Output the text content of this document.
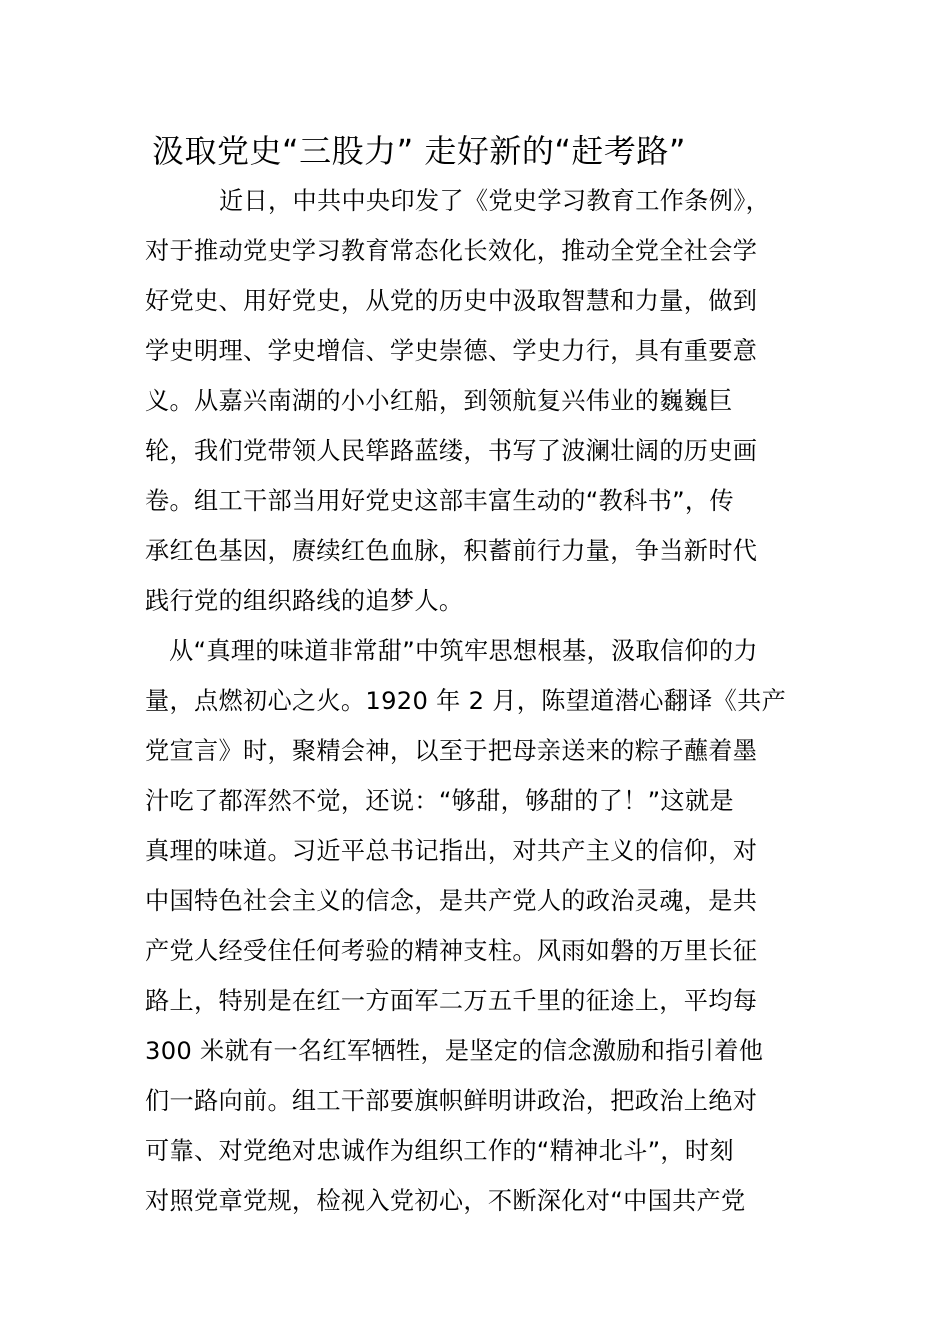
汲取党史“三股力” 走好新的“赶考路”
近日，中共中央印发了《党史学习教育工作条例》，
对于推动党史学习教育常态化长效化，推动全党全社会学
好党史、用好党史，从党的历史中汲取智慧和力量，做到
学史明理、学史增信、学史崇德、学史力行，具有重要意
义。从嘉兴南湖的小小红船，到领航复兴伟业的巍巍巨
轮，我们党带领人民筚路蓝缕，书写了波澜壮阔的历史画
卷。组工干部当用好党史这部丰富生动的“教科书”，传
承红色基因，赓续红色血脉，积蓄前行力量，争当新时代
践行党的组织路线的追梦人。
从“真理的味道非常甜”中筑牢思想根基，汲取信仰的力
量，点燃初心之火。1920 年 2 月，陈望道潜心翻译《共产
党宣言》时，聚精会神，以至于把母亲送来的粽子蘸着墨
汁吃了都浑然不觉，还说：“够甜，够甜的了！”这就是
真理的味道。习近平总书记指出，对共产主义的信仰，对
中国特色社会主义的信念，是共产党人的政治灵魂，是共
产党人经受住任何考验的精神支柱。风雨如磐的万里长征
路上，特别是在红一方面军二万五千里的征途上，平均每
300 米就有一名红军牺牲，是坚定的信念激励和指引着他
们一路向前。组工干部要旗帜鲜明讲政治，把政治上绝对
可靠、对党绝对忠诚作为组织工作的“精神北斗”，时刻
对照党章党规，检视入党初心，不断深化对“中国共产党
